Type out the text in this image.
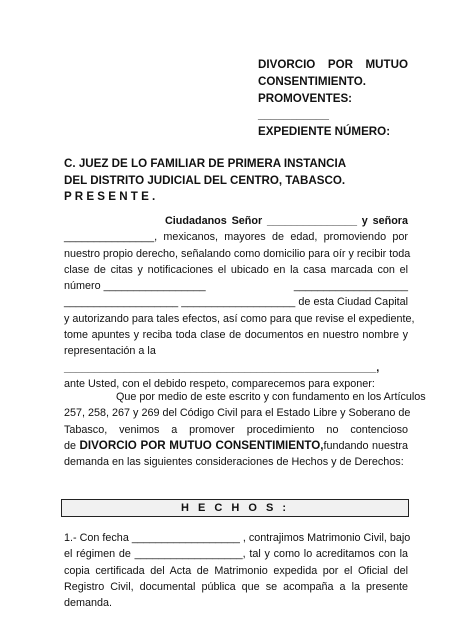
DIVORCIO POR MUTUO
CONSENTIMIENTO.
PROMOVENTES:
___________
EXPEDIENTE NÚMERO:
C. JUEZ DE LO FAMILIAR DE PRIMERA INSTANCIA
DEL DISTRITO JUDICIAL DEL CENTRO, TABASCO.
P R E S E N T E .
Ciudadanos Señor _______________ y señora
_______________, mexicanos, mayores de edad, promoviendo por
nuestro propio derecho, señalando como domicilio para oír y recibir toda
clase de citas y notificaciones el ubicado en la casa marcada con el
número _________________	___________________
___________________ ___________________ de esta Ciudad Capital
y autorizando para tales efectos, así como para que revise el expediente,
tome apuntes y reciba toda clase de documentos en nuestro nombre y
representación a la
____________________________________________________,
ante Usted, con el debido respeto, comparecemos para exponer:
Que por medio de este escrito y con fundamento en los Artículos
257, 258, 267 y 269 del Código Civil para el Estado Libre y Soberano de
Tabasco, venimos a promover procedimiento no contencioso
de DIVORCIO POR MUTUO CONSENTIMIENTO,fundando nuestra
demanda en las siguientes consideraciones de Hechos y de Derechos:
H E C H O S :
1.- Con fecha __________________ , contrajimos Matrimonio Civil, bajo
el régimen de __________________, tal y como lo acreditamos con la
copia certificada del Acta de Matrimonio expedida por el Oficial del
Registro Civil, documental pública que se acompaña a la presente
demanda.
